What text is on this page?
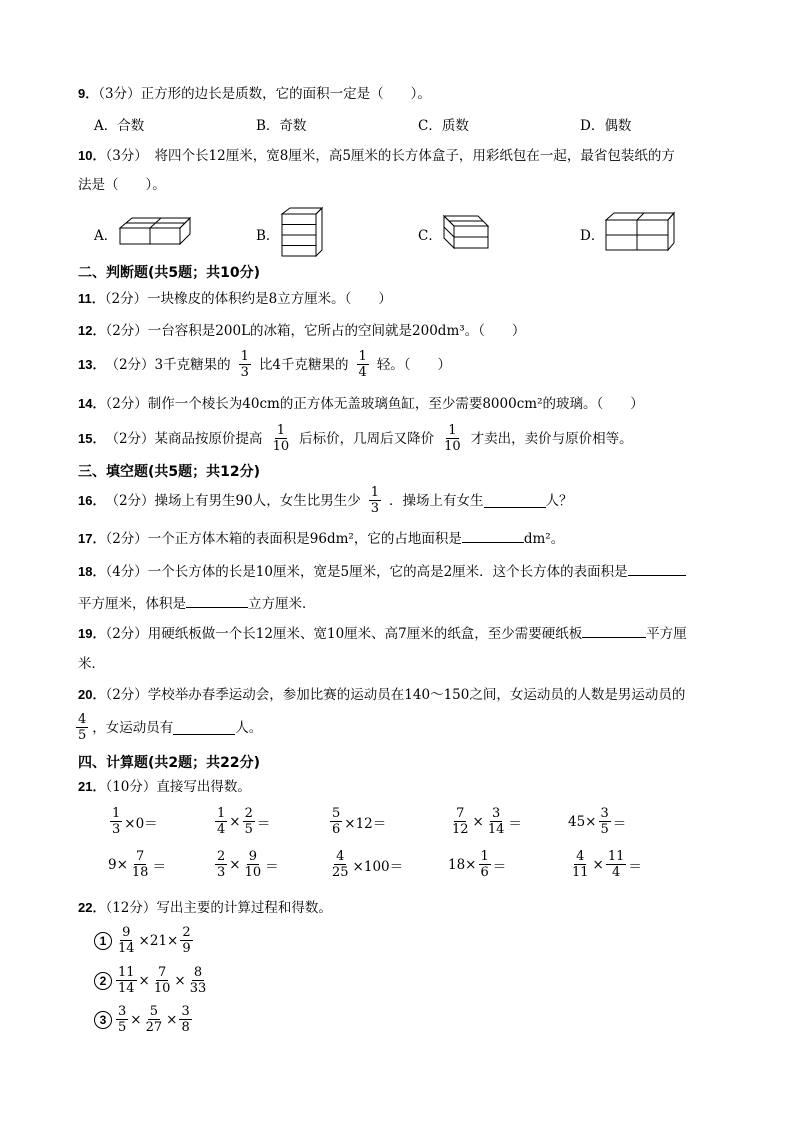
9．（3分）正方形的边长是质数，它的面积一定是（　　）。
A．合数	B．奇数	C．质数	D．偶数
10．（3分）　将四个长12厘米，宽8厘米，高5厘米的长方体盒子，用彩纸包在一起，最省包装纸的方
法是（　　）。
A．	B．	C．	D．
二、判断题(共5题；共10分)
11．（2分）一块橡皮的体积约是8立方厘米。（　　）
12．（2分）一台容积是200L的冰箱，它所占的空间就是200dm³。（　　）
13． （2分）3千克糖果的 $\frac{1}{3}$ 比4千克糖果的 $\frac{1}{4}$ 轻。（　　）
14．（2分）制作一个棱长为40cm的正方体无盖玻璃鱼缸，至少需要8000cm²的玻璃。（　　）
15． （2分）某商品按原价提高 $\frac{1}{10}$ 后标价，几周后又降价 $\frac{1}{10}$ 才卖出，卖价与原价相等。
三、填空题(共5题；共12分)
16． （2分）操场上有男生90人，女生比男生少 $\frac{1}{3}$ ．操场上有女生	人？
17．（2分）一个正方体木箱的表面积是96dm²，它的占地面积是	dm²。
18．（4分）一个长方体的长是10厘米，宽是5厘米，它的高是2厘米．这个长方体的表面积是
平方厘米，体积是	立方厘米．
19．（2分）用硬纸板做一个长12厘米、宽10厘米、高7厘米的纸盒，至少需要硬纸板	平方厘
米．
20．（2分）学校举办春季运动会，参加比赛的运动员在140～150之间，女运动员的人数是男运动员的
$\frac{4}{5}$ ，女运动员有	人。
四、计算题(共2题；共22分)
21．（10分）直接写出得数。
$\frac{1}{3} \times 0=$	$\frac{1}{4} \times \frac{2}{5}$ ＝	$\frac{5}{6} \times 12=$	$\frac{7}{12} \times \frac{3}{14}$ ＝	$45\times \frac{3}{5}$ ＝
$9\times \frac{7}{18}$ ＝	$\frac{2}{3} \times \frac{9}{10}$ ＝	$\frac{4}{25} \times 100=$	$18\times \frac{1}{6}$ ＝	$\frac{4}{11} \times \frac{11}{4}$ ＝
22．（12分）写出主要的计算过程和得数。
$1 \frac{9}{14} \times 21\times \frac{2}{9}$
$2 \frac{11}{14} \times \frac{7}{10} \times \frac{8}{33}$
$3 \frac{3}{5} \times \frac{5}{27} \times \frac{3}{8}$
